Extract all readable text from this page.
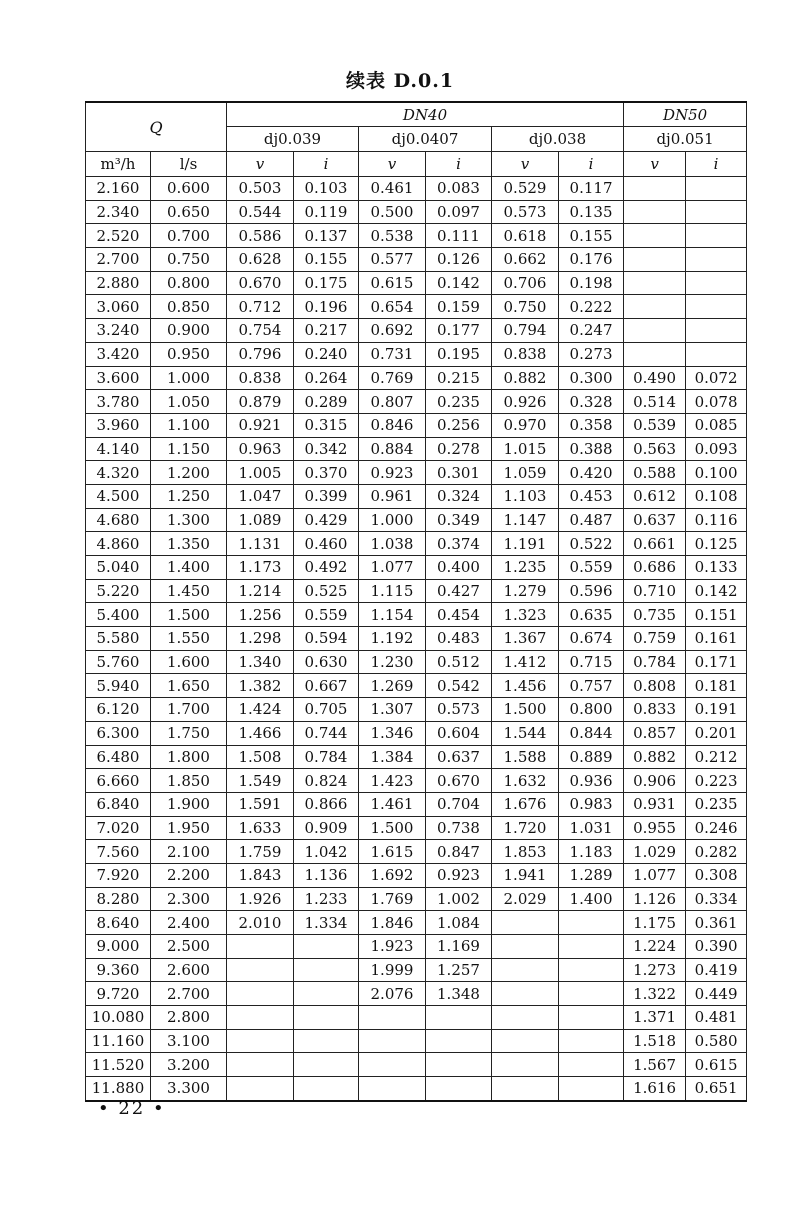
续表 D.0.1
Q		DN40						DN50	
		dj0.039		dj0.0407		dj0.038		dj0.051	
m³/h	l/s	v	i	v	i	v	i	v	i
2.160	0.600	0.503	0.103	0.461	0.083	0.529	0.117		
2.340	0.650	0.544	0.119	0.500	0.097	0.573	0.135		
2.520	0.700	0.586	0.137	0.538	0.111	0.618	0.155		
2.700	0.750	0.628	0.155	0.577	0.126	0.662	0.176		
2.880	0.800	0.670	0.175	0.615	0.142	0.706	0.198		
3.060	0.850	0.712	0.196	0.654	0.159	0.750	0.222		
3.240	0.900	0.754	0.217	0.692	0.177	0.794	0.247		
3.420	0.950	0.796	0.240	0.731	0.195	0.838	0.273		
3.600	1.000	0.838	0.264	0.769	0.215	0.882	0.300	0.490	0.072
3.780	1.050	0.879	0.289	0.807	0.235	0.926	0.328	0.514	0.078
3.960	1.100	0.921	0.315	0.846	0.256	0.970	0.358	0.539	0.085
4.140	1.150	0.963	0.342	0.884	0.278	1.015	0.388	0.563	0.093
4.320	1.200	1.005	0.370	0.923	0.301	1.059	0.420	0.588	0.100
4.500	1.250	1.047	0.399	0.961	0.324	1.103	0.453	0.612	0.108
4.680	1.300	1.089	0.429	1.000	0.349	1.147	0.487	0.637	0.116
4.860	1.350	1.131	0.460	1.038	0.374	1.191	0.522	0.661	0.125
5.040	1.400	1.173	0.492	1.077	0.400	1.235	0.559	0.686	0.133
5.220	1.450	1.214	0.525	1.115	0.427	1.279	0.596	0.710	0.142
5.400	1.500	1.256	0.559	1.154	0.454	1.323	0.635	0.735	0.151
5.580	1.550	1.298	0.594	1.192	0.483	1.367	0.674	0.759	0.161
5.760	1.600	1.340	0.630	1.230	0.512	1.412	0.715	0.784	0.171
5.940	1.650	1.382	0.667	1.269	0.542	1.456	0.757	0.808	0.181
6.120	1.700	1.424	0.705	1.307	0.573	1.500	0.800	0.833	0.191
6.300	1.750	1.466	0.744	1.346	0.604	1.544	0.844	0.857	0.201
6.480	1.800	1.508	0.784	1.384	0.637	1.588	0.889	0.882	0.212
6.660	1.850	1.549	0.824	1.423	0.670	1.632	0.936	0.906	0.223
6.840	1.900	1.591	0.866	1.461	0.704	1.676	0.983	0.931	0.235
7.020	1.950	1.633	0.909	1.500	0.738	1.720	1.031	0.955	0.246
7.560	2.100	1.759	1.042	1.615	0.847	1.853	1.183	1.029	0.282
7.920	2.200	1.843	1.136	1.692	0.923	1.941	1.289	1.077	0.308
8.280	2.300	1.926	1.233	1.769	1.002	2.029	1.400	1.126	0.334
8.640	2.400	2.010	1.334	1.846	1.084			1.175	0.361
9.000	2.500			1.923	1.169			1.224	0.390
9.360	2.600			1.999	1.257			1.273	0.419
9.720	2.700			2.076	1.348			1.322	0.449
10.080	2.800							1.371	0.481
11.160	3.100							1.518	0.580
11.520	3.200							1.567	0.615
11.880	3.300							1.616	0.651
• 22 •
